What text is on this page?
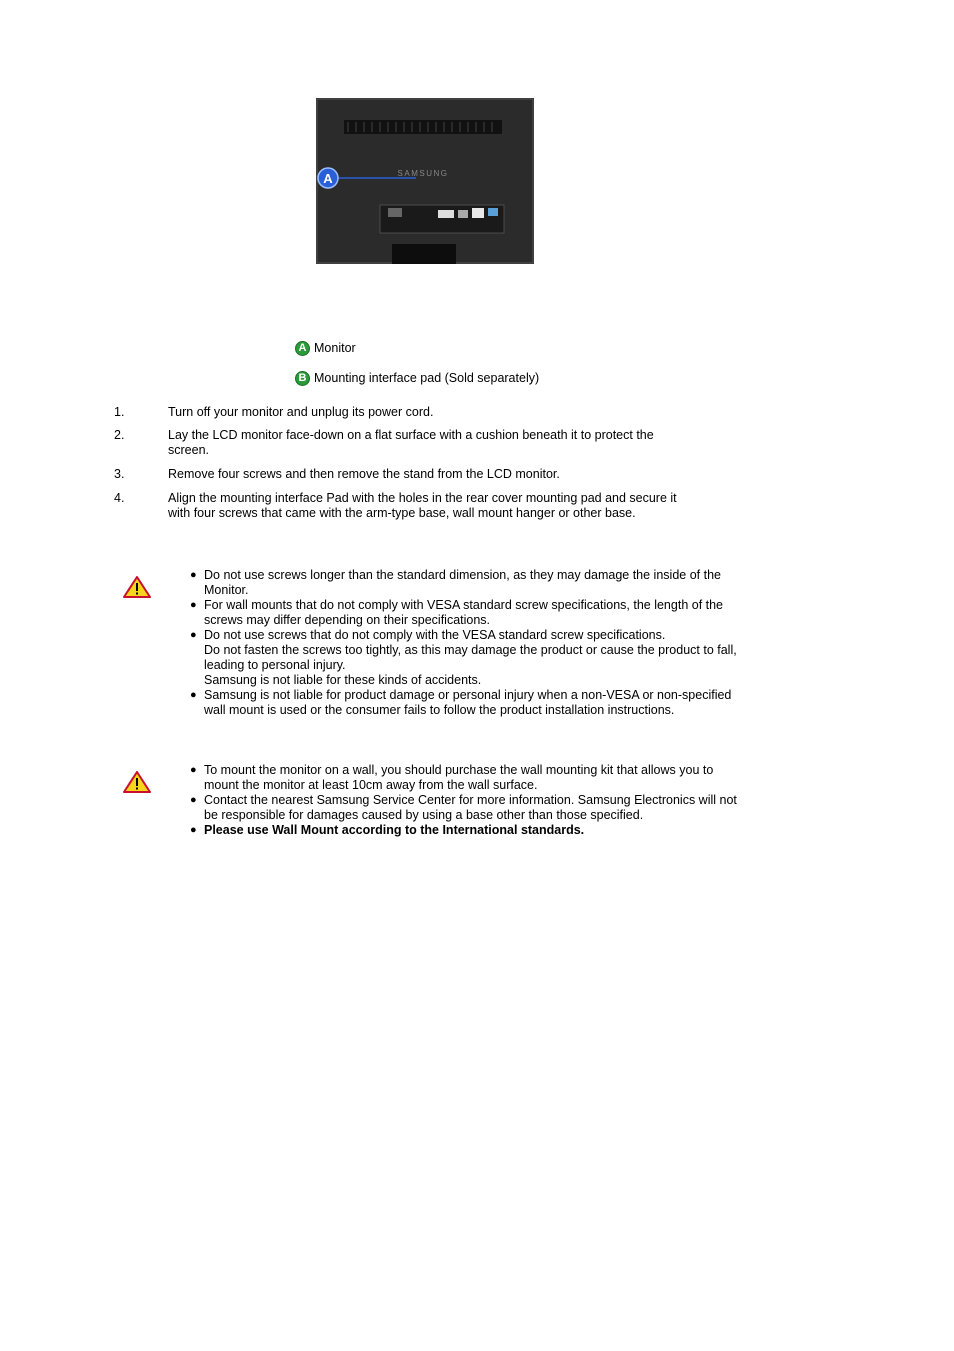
SAMSUNG
A
A Monitor
B Mounting interface pad (Sold separately)
1.	Turn off your monitor and unplug its power cord.
2.	Lay the LCD monitor face-down on a flat surface with a cushion beneath it to protect the screen.
3.	Remove four screws and then remove the stand from the LCD monitor.
4.	Align the mounting interface Pad with the holes in the rear cover mounting pad and secure it with four screws that came with the arm-type base, wall mount hanger or other base.
● Do not use screws longer than the standard dimension, as they may damage the inside of the Monitor.
● For wall mounts that do not comply with VESA standard screw specifications, the length of the screws may differ depending on their specifications.
● Do not use screws that do not comply with the VESA standard screw specifications.
Do not fasten the screws too tightly, as this may damage the product or cause the product to fall, leading to personal injury.
Samsung is not liable for these kinds of accidents.
● Samsung is not liable for product damage or personal injury when a non-VESA or non-specified wall mount is used or the consumer fails to follow the product installation instructions.
● To mount the monitor on a wall, you should purchase the wall mounting kit that allows you to mount the monitor at least 10cm away from the wall surface.
● Contact the nearest Samsung Service Center for more information. Samsung Electronics will not be responsible for damages caused by using a base other than those specified.
● Please use Wall Mount according to the International standards.
